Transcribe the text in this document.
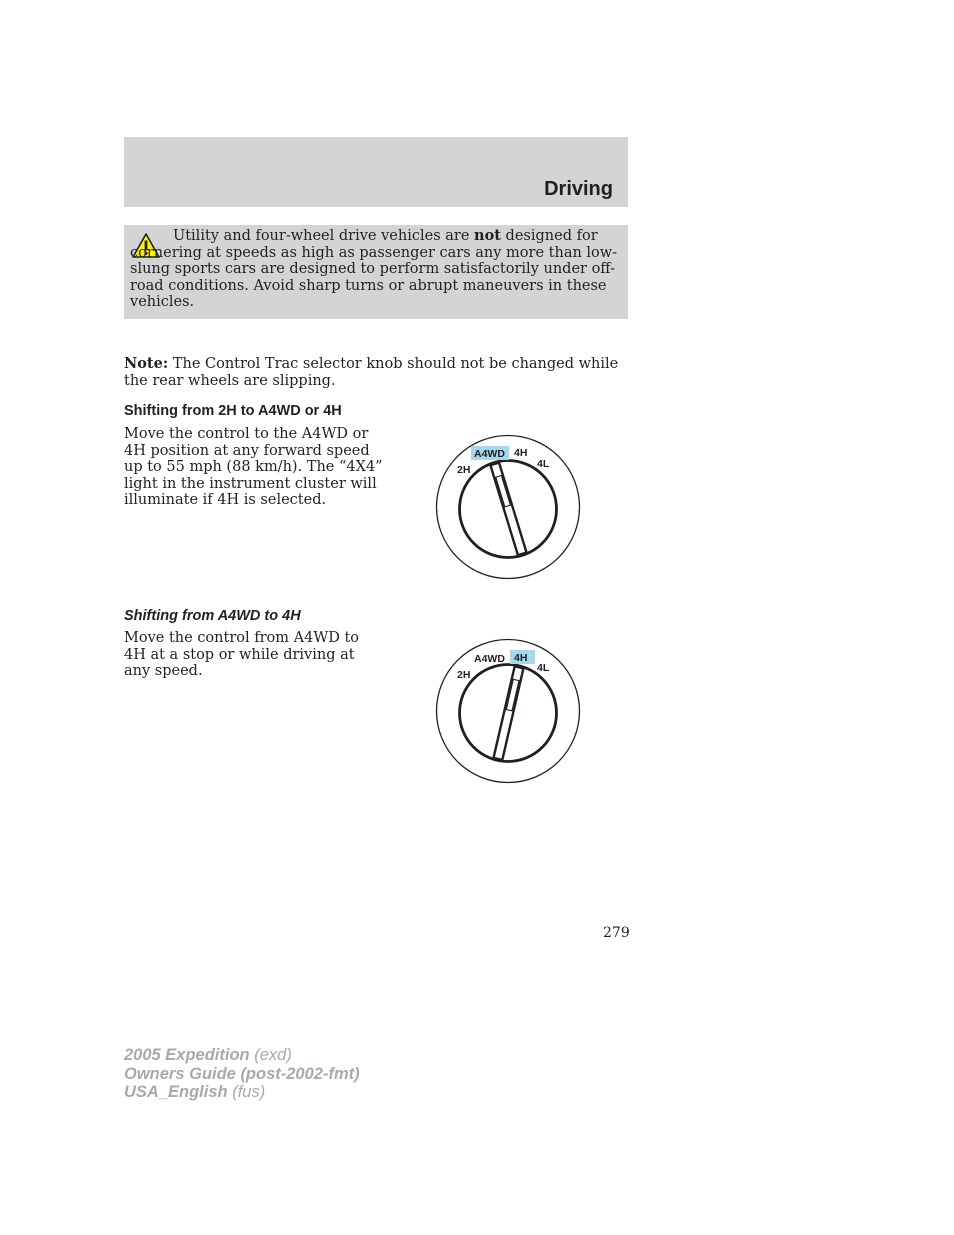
Driving
Utility and four-wheel drive vehicles are not designed for cornering at speeds as high as passenger cars any more than low-slung sports cars are designed to perform satisfactorily under off-road conditions. Avoid sharp turns or abrupt maneuvers in these vehicles.
Note: The Control Trac selector knob should not be changed while the rear wheels are slipping.
Shifting from 2H to A4WD or 4H
Move the control to the A4WD or 4H position at any forward speed up to 55 mph (88 km/h). The “4X4” light in the instrument cluster will illuminate if 4H is selected.
A4WD 4H
4L
2H
Shifting from A4WD to 4H
Move the control from A4WD to 4H at a stop or while driving at any speed.
A4WD 4H
4L
2H
279
2005 Expedition (exd)
Owners Guide (post-2002-fmt)
USA_English (fus)
